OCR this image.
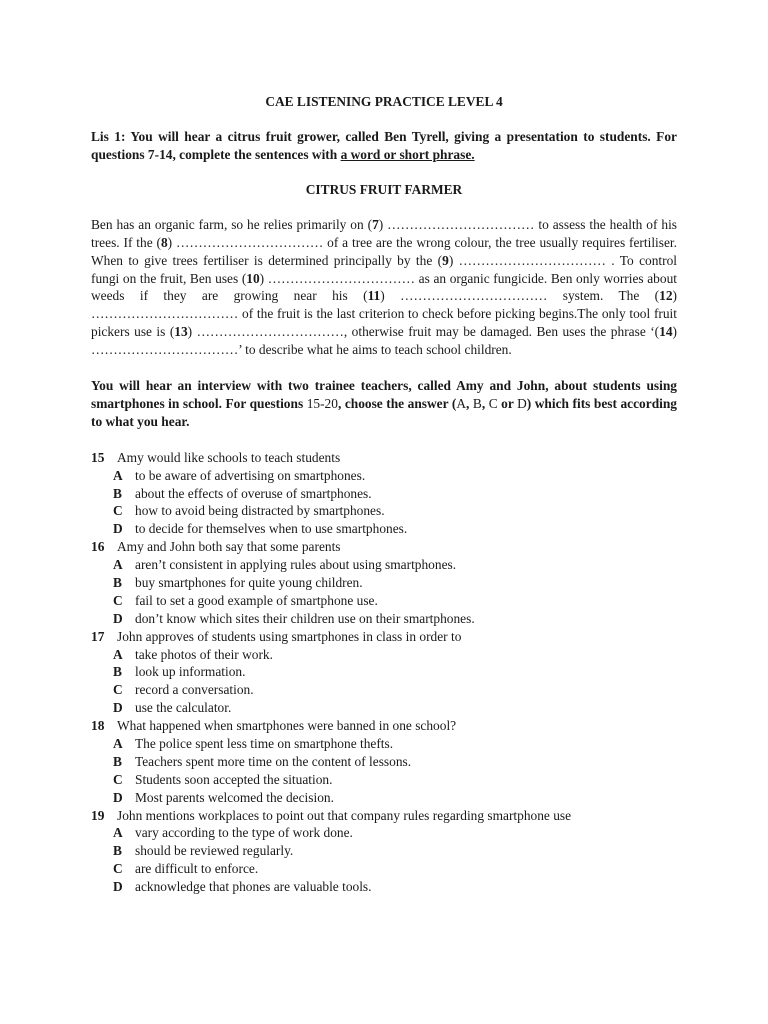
CAE LISTENING PRACTICE LEVEL 4
Lis 1: You will hear a citrus fruit grower, called Ben Tyrell, giving a presentation to students. For questions 7-14, complete the sentences with a word or short phrase.
CITRUS FRUIT FARMER
Ben has an organic farm, so he relies primarily on (7) …………………………… to assess the health of his trees. If the (8) …………………………… of a tree are the wrong colour, the tree usually requires fertiliser. When to give trees fertiliser is determined principally by the (9) …………………………… . To control fungi on the fruit, Ben uses (10) …………………………… as an organic fungicide. Ben only worries about weeds if they are growing near his (11) …………………………… system. The (12) …………………………… of the fruit is the last criterion to check before picking begins.The only tool fruit pickers use is (13) ……………………………, otherwise fruit may be damaged. Ben uses the phrase ‘(14) ……………………………’ to describe what he aims to teach school children.
You will hear an interview with two trainee teachers, called Amy and John, about students using smartphones in school. For questions 15-20, choose the answer (A, B, C or D) which fits best according to what you hear.
15 Amy would like schools to teach students
A to be aware of advertising on smartphones.
B about the effects of overuse of smartphones.
C how to avoid being distracted by smartphones.
D to decide for themselves when to use smartphones.
16 Amy and John both say that some parents
A aren’t consistent in applying rules about using smartphones.
B buy smartphones for quite young children.
C fail to set a good example of smartphone use.
D don’t know which sites their children use on their smartphones.
17 John approves of students using smartphones in class in order to
A take photos of their work.
B look up information.
C record a conversation.
D use the calculator.
18 What happened when smartphones were banned in one school?
A The police spent less time on smartphone thefts.
B Teachers spent more time on the content of lessons.
C Students soon accepted the situation.
D Most parents welcomed the decision.
19 John mentions workplaces to point out that company rules regarding smartphone use
A vary according to the type of work done.
B should be reviewed regularly.
C are difficult to enforce.
D acknowledge that phones are valuable tools.
